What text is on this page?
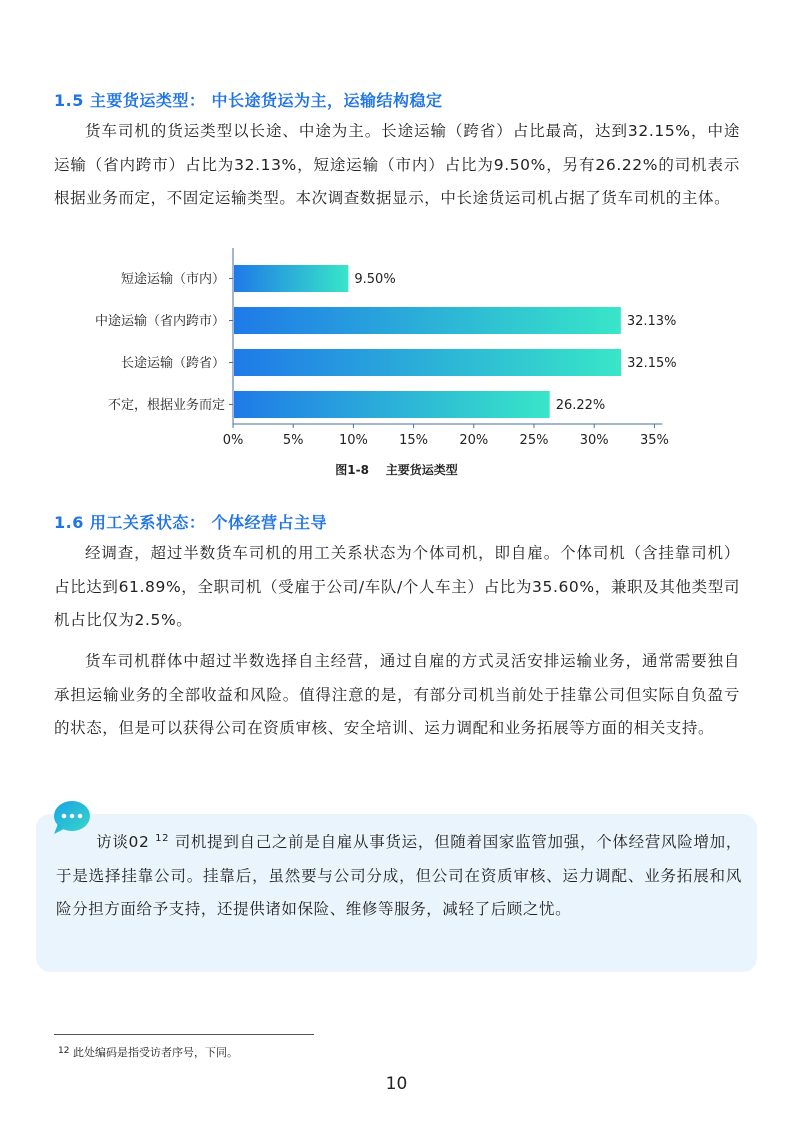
1.5 主要货运类型： 中长途货运为主，运输结构稳定

货车司机的货运类型以长途、中途为主。长途运输（跨省）占比最高，达到32.15%，中途运输（省内跨市）占比为32.13%，短途运输（市内）占比为9.50%，另有26.22%的司机表示根据业务而定，不固定运输类型。本次调查数据显示，中长途货运司机占据了货车司机的主体。

0%	5%	10% 15% 20% 25% 30% 35%
短途运输（市内）	9.50%
中途运输（省内跨市）	32.13%
长途运输（跨省）	32.15%
不定，根据业务而定	26.22%
图1-8    主要货运类型
1.6 用工关系状态： 个体经营占主导

经调查，超过半数货车司机的用工关系状态为个体司机，即自雇。个体司机（含挂靠司机）占比达到61.89%，全职司机（受雇于公司/车队/个人车主）占比为35.60%，兼职及其他类型司机占比仅为2.5%。

货车司机群体中超过半数选择自主经营，通过自雇的方式灵活安排运输业务，通常需要独自承担运输业务的全部收益和风险。值得注意的是，有部分司机当前处于挂靠公司但实际自负盈亏的状态，但是可以获得公司在资质审核、安全培训、运力调配和业务拓展等方面的相关支持。

访谈02 $^{12}$ 司机提到自己之前是自雇从事货运，但随着国家监管加强，个体经营风险增加，于是选择挂靠公司。挂靠后，虽然要与公司分成，但公司在资质审核、运力调配、业务拓展和风险分担方面给予支持，还提供诸如保险、维修等服务，减轻了后顾之忧。

$^{12}$ 此处编码是指受访者序号，下同。
10
